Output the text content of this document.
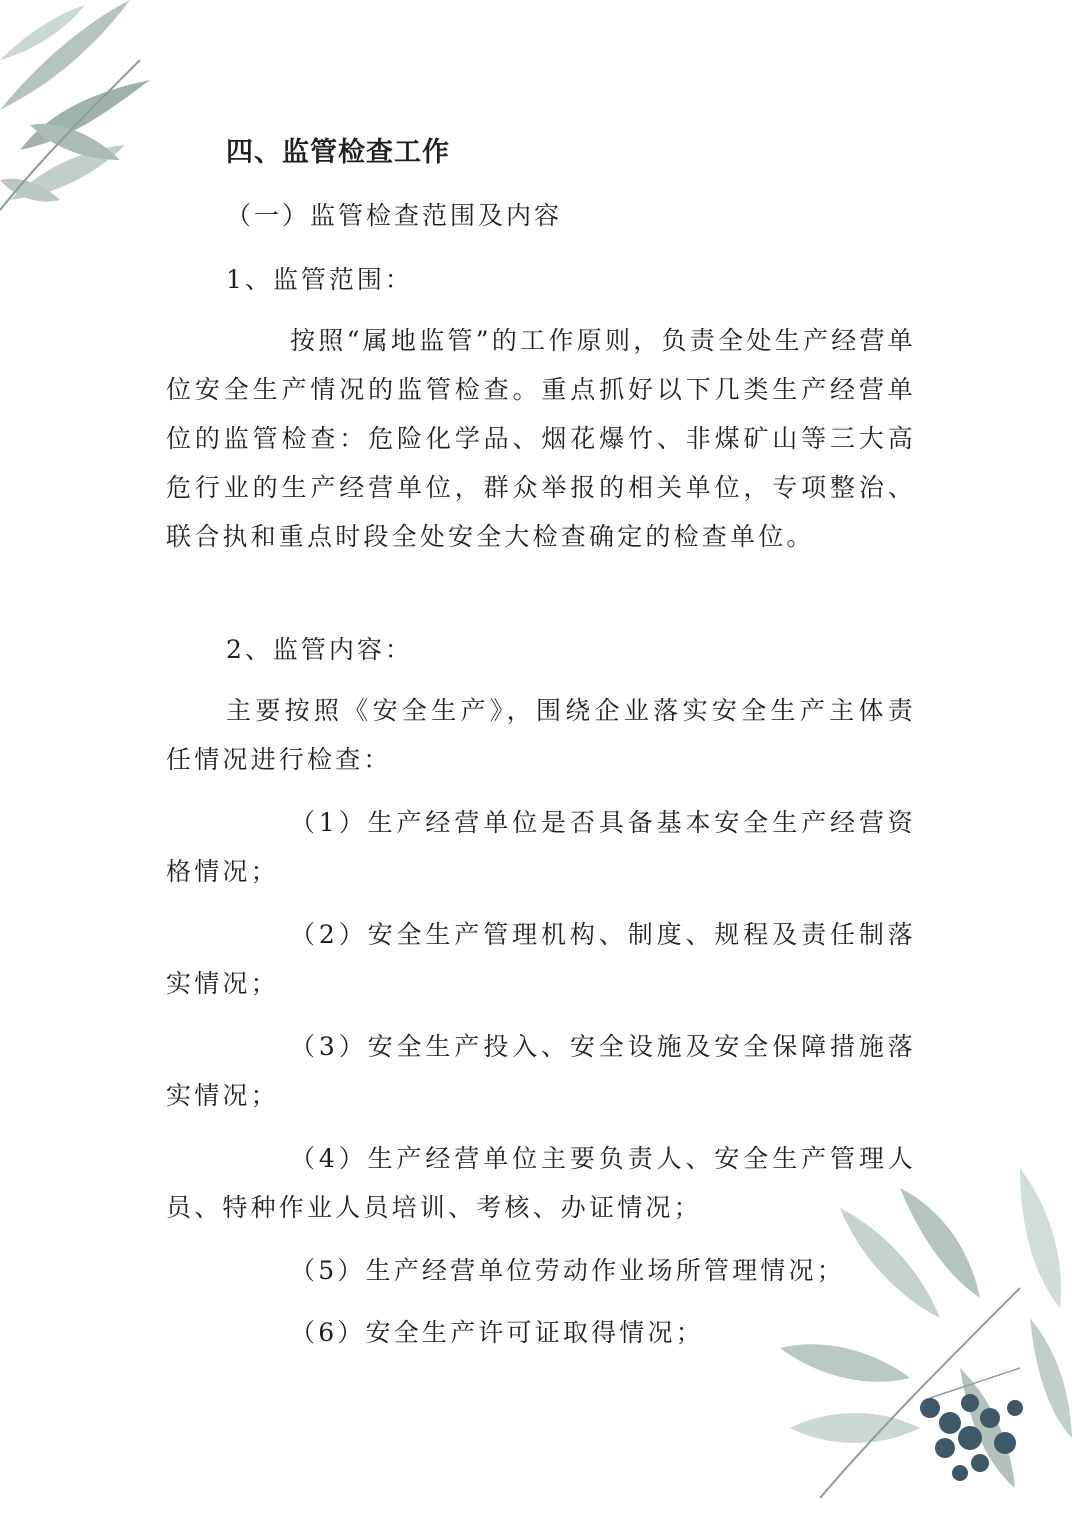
四、监管检查工作
（一）监管检查范围及内容
1、监管范围：
按照“属地监管”的工作原则，负责全处生产经营单位安全生产情况的监管检查。重点抓好以下几类生产经营单位的监管检查：危险化学品、烟花爆竹、非煤矿山等三大高危行业的生产经营单位，群众举报的相关单位，专项整治、联合执和重点时段全处安全大检查确定的检查单位。
2、监管内容：
主要按照《安全生产》，围绕企业落实安全生产主体责任情况进行检查：
（1）生产经营单位是否具备基本安全生产经营资格情况；
（2）安全生产管理机构、制度、规程及责任制落实情况；
（3）安全生产投入、安全设施及安全保障措施落实情况；
（4）生产经营单位主要负责人、安全生产管理人员、特种作业人员培训、考核、办证情况；
（5）生产经营单位劳动作业场所管理情况；
（6）安全生产许可证取得情况；
